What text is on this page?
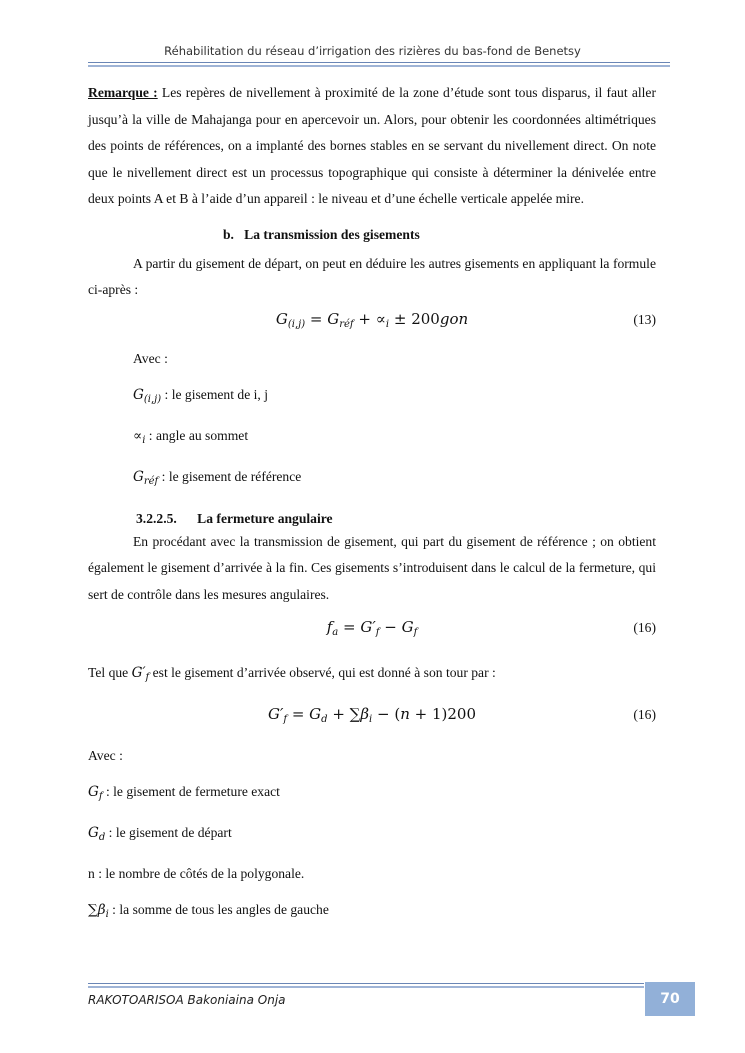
Réhabilitation du réseau d’irrigation des rizières du bas-fond de Benetsy

Remarque : Les repères de nivellement à proximité de la zone d’étude sont tous disparus, il faut aller jusqu’à la ville de Mahajanga pour en apercevoir un. Alors, pour obtenir les coordonnées altimétriques des points de références, on a implanté des bornes stables en se servant du nivellement direct. On note que le nivellement direct est un processus topographique qui consiste à déterminer la dénivelée entre deux points A et B à l’aide d’un appareil : le niveau et d’une échelle verticale appelée mire.

b. La transmission des gisements

A partir du gisement de départ, on peut en déduire les autres gisements en appliquant la formule ci-après :

$G_{(i,j)} = G_{réf} + \propto_i \pm 200gon$	(13)

Avec :

$G_{(i,j)}$ : le gisement de i, j

$\propto_i$ : angle au sommet

$G_{réf}$ : le gisement de référence

3.2.2.5. La fermeture angulaire

En procédant avec la transmission de gisement, qui part du gisement de référence ; on obtient également le gisement d’arrivée à la fin. Ces gisements s’introduisent dans le calcul de la fermeture, qui sert de contrôle dans les mesures angulaires.

$f_a = G'_f - G_f$	(16)

Tel que $G'_f$ est le gisement d’arrivée observé, qui est donné à son tour par :

$G'_f = G_d + \sum\beta_i - (n + 1)200$	(16)

Avec :

$G_f$ : le gisement de fermeture exact

$G_d$ : le gisement de départ

n : le nombre de côtés de la polygonale.

$\sum\beta_i$ : la somme de tous les angles de gauche

RAKOTOARISOA Bakoniaina Onja	70
